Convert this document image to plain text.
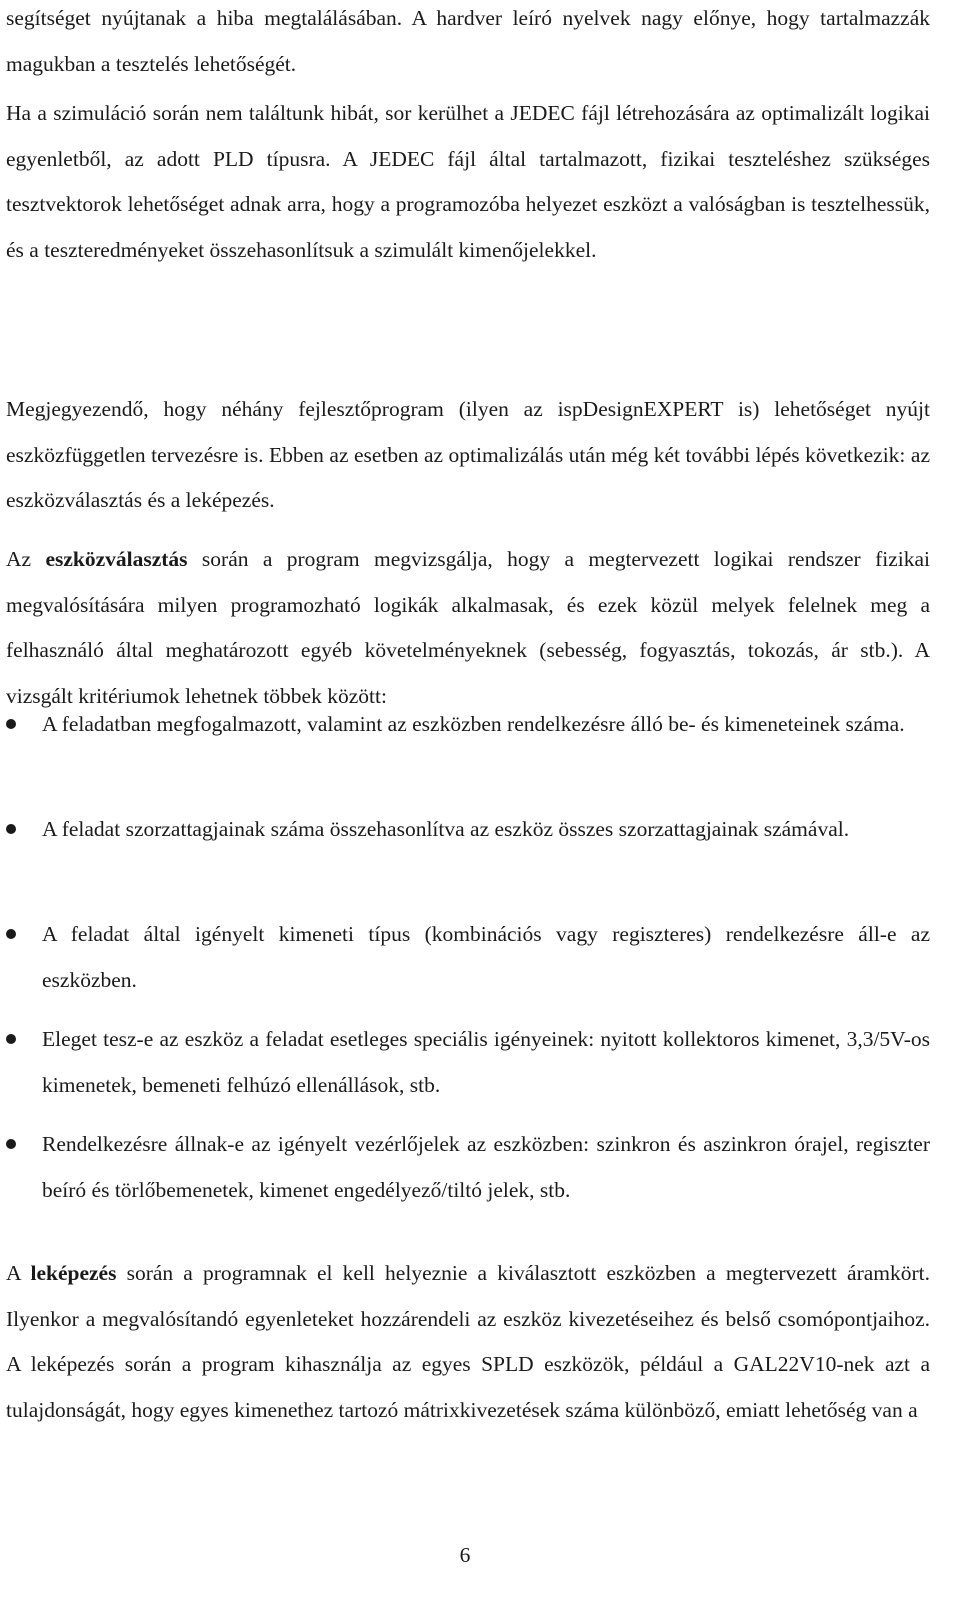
segítséget nyújtanak a hiba megtalálásában. A hardver leíró nyelvek nagy előnye, hogy tartalmazzák magukban a tesztelés lehetőségét.

Ha a szimuláció során nem találtunk hibát, sor kerülhet a JEDEC fájl létrehozására az optimalizált logikai egyenletből, az adott PLD típusra. A JEDEC fájl által tartalmazott, fizikai teszteléshez szükséges tesztvektorok lehetőséget adnak arra, hogy a programozóba helyezet eszközt a valóságban is tesztelhessük, és a teszteredményeket összehasonlítsuk a szimulált kimenőjelekkel.

Megjegyezendő, hogy néhány fejlesztőprogram (ilyen az ispDesignEXPERT is) lehetőséget nyújt eszközfüggetlen tervezésre is. Ebben az esetben az optimalizálás után még két további lépés következik: az eszközválasztás és a leképezés.

Az eszközválasztás során a program megvizsgálja, hogy a megtervezett logikai rendszer fizikai megvalósítására milyen programozható logikák alkalmasak, és ezek közül melyek felelnek meg a felhasználó által meghatározott egyéb követelményeknek (sebesség, fogyasztás, tokozás, ár stb.). A vizsgált kritériumok lehetnek többek között:

A feladatban megfogalmazott, valamint az eszközben rendelkezésre álló be- és kimeneteinek száma.

A feladat szorzattagjainak száma összehasonlítva az eszköz összes szorzattagjainak számával.

A feladat által igényelt kimeneti típus (kombinációs vagy regiszteres) rendelkezésre áll-e az eszközben.

Eleget tesz-e az eszköz a feladat esetleges speciális igényeinek: nyitott kollektoros kimenet, 3,3/5V-os kimenetek, bemeneti felhúzó ellenállások, stb.

Rendelkezésre állnak-e az igényelt vezérlőjelek az eszközben: szinkron és aszinkron órajel, regiszter beíró és törlőbemenetek, kimenet engedélyező/tiltó jelek, stb.

A leképezés során a programnak el kell helyeznie a kiválasztott eszközben a megtervezett áramkört. Ilyenkor a megvalósítandó egyenleteket hozzárendeli az eszköz kivezetéseihez és belső csomópontjaihoz. A leképezés során a program kihasználja az egyes SPLD eszközök, például a GAL22V10-nek azt a tulajdonságát, hogy egyes kimenethez tartozó mátrixkivezetések száma különböző, emiatt lehetőség van a

6
